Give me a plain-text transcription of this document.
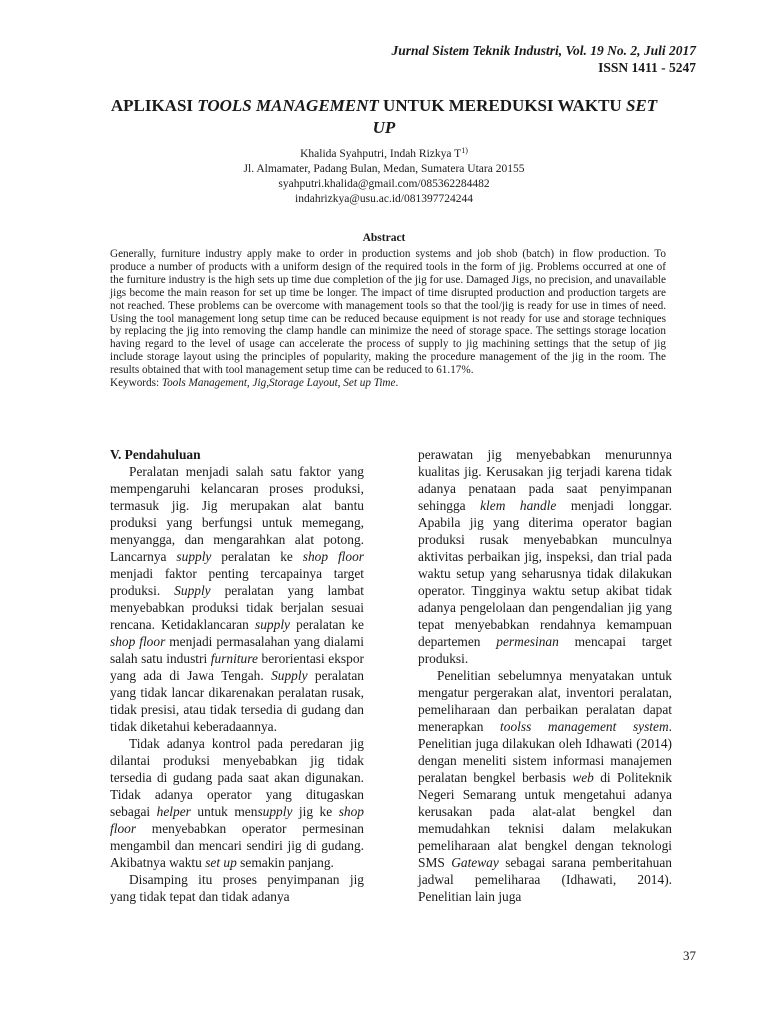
Jurnal Sistem Teknik Industri, Vol. 19 No. 2, Juli 2017
ISSN 1411 - 5247
APLIKASI TOOLS MANAGEMENT UNTUK MEREDUKSI WAKTU SET UP
Khalida Syahputri, Indah Rizkya $T^{1)}$
Jl. Almamater, Padang Bulan, Medan, Sumatera Utara 20155
syahputri.khalida@gmail.com/085362284482
indahrizkya@usu.ac.id/081397724244
Abstract
Generally, furniture industry apply make to order in production systems and job shob (batch) in flow production. To produce a number of products with a uniform design of the required tools in the form of jig. Problems occurred at one of the furniture industry is the high sets up time due completion of the jig for use. Damaged Jigs, no precision, and unavailable jigs become the main reason for set up time be longer. The impact of time disrupted production and production targets are not reached. These problems can be overcome with management tools so that the tool/jig is ready for use in times of need. Using the tool management long setup time can be reduced because equipment is not ready for use and storage techniques by replacing the jig into removing the clamp handle can minimize the need of storage space. The settings storage location having regard to the level of usage can accelerate the process of supply to jig machining settings that the setup of jig include storage layout using the principles of popularity, making the procedure management of the jig in the room. The results obtained that with tool management setup time can be reduced to 61.17%.

Keywords: Tools Management, Jig,Storage Layout, Set up Time.

V. Pendahuluan

Peralatan menjadi salah satu faktor yang mempengaruhi kelancaran proses produksi, termasuk jig. Jig merupakan alat bantu produksi yang berfungsi untuk memegang, menyangga, dan mengarahkan alat potong. Lancarnya supply peralatan ke shop floor menjadi faktor penting tercapainya target produksi. Supply peralatan yang lambat menyebabkan produksi tidak berjalan sesuai rencana. Ketidaklancaran supply peralatan ke shop floor menjadi permasalahan yang dialami salah satu industri furniture berorientasi ekspor yang ada di Jawa Tengah. Supply peralatan yang tidak lancar dikarenakan peralatan rusak, tidak presisi, atau tidak tersedia di gudang dan tidak diketahui keberadaannya.

Tidak adanya kontrol pada peredaran jig dilantai produksi menyebabkan jig tidak tersedia di gudang pada saat akan digunakan. Tidak adanya operator yang ditugaskan sebagai helper untuk mensupply jig ke shop floor menyebabkan operator permesinan mengambil dan mencari sendiri jig di gudang. Akibatnya waktu set up semakin panjang.

Disamping itu proses penyimpanan jig yang tidak tepat dan tidak adanya

perawatan jig menyebabkan menurunnya kualitas jig. Kerusakan jig terjadi karena tidak adanya penataan pada saat penyimpanan sehingga klem handle menjadi longgar. Apabila jig yang diterima operator bagian produksi rusak menyebabkan munculnya aktivitas perbaikan jig, inspeksi, dan trial pada waktu setup yang seharusnya tidak dilakukan operator. Tingginya waktu setup akibat tidak adanya pengelolaan dan pengendalian jig yang tepat menyebabkan rendahnya kemampuan departemen permesinan mencapai target produksi.

Penelitian sebelumnya menyatakan untuk mengatur pergerakan alat, inventori peralatan, pemeliharaan dan perbaikan peralatan dapat menerapkan toolss management system. Penelitian juga dilakukan oleh Idhawati (2014) dengan meneliti sistem informasi manajemen peralatan bengkel berbasis web di Politeknik Negeri Semarang untuk mengetahui adanya kerusakan pada alat-alat bengkel dan memudahkan teknisi dalam melakukan pemeliharaan alat bengkel dengan teknologi SMS Gateway sebagai sarana pemberitahuan jadwal pemeliharaa (Idhawati, 2014). Penelitian lain juga

37
